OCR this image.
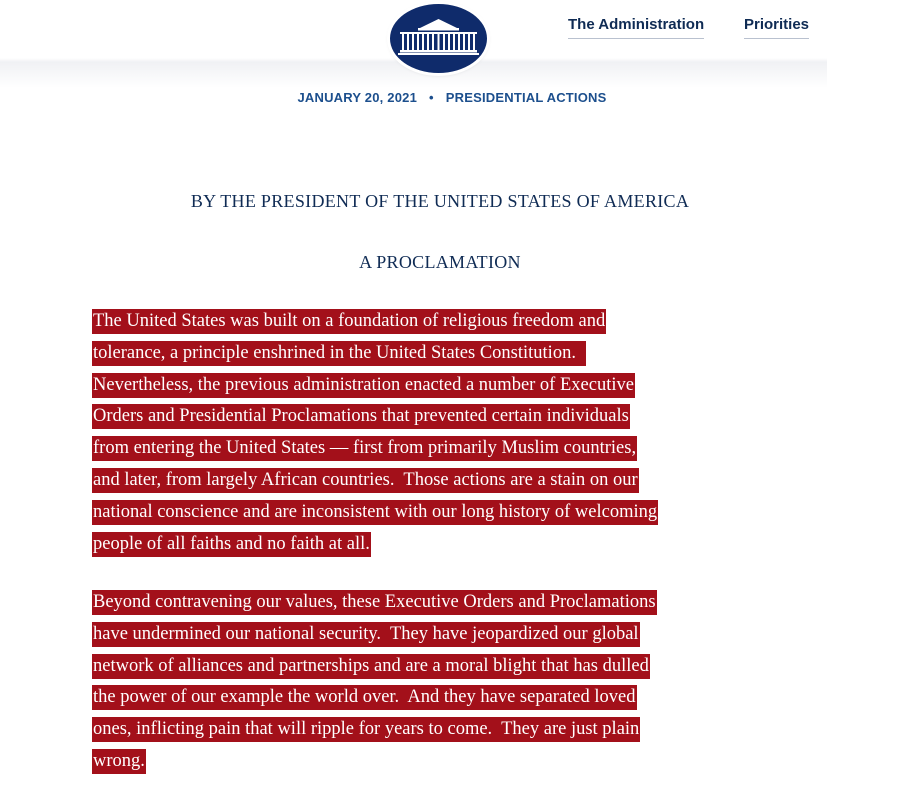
The Administration	Priorities
JANUARY 20, 2021 • PRESIDENTIAL ACTIONS
BY THE PRESIDENT OF THE UNITED STATES OF AMERICA
A PROCLAMATION
The United States was built on a foundation of religious freedom and
tolerance, a principle enshrined in the United States Constitution.
Nevertheless, the previous administration enacted a number of Executive
Orders and Presidential Proclamations that prevented certain individuals
from entering the United States — first from primarily Muslim countries,
and later, from largely African countries.  Those actions are a stain on our
national conscience and are inconsistent with our long history of welcoming
people of all faiths and no faith at all.
Beyond contravening our values, these Executive Orders and Proclamations
have undermined our national security.  They have jeopardized our global
network of alliances and partnerships and are a moral blight that has dulled
the power of our example the world over.  And they have separated loved
ones, inflicting pain that will ripple for years to come.  They are just plain
wrong.
